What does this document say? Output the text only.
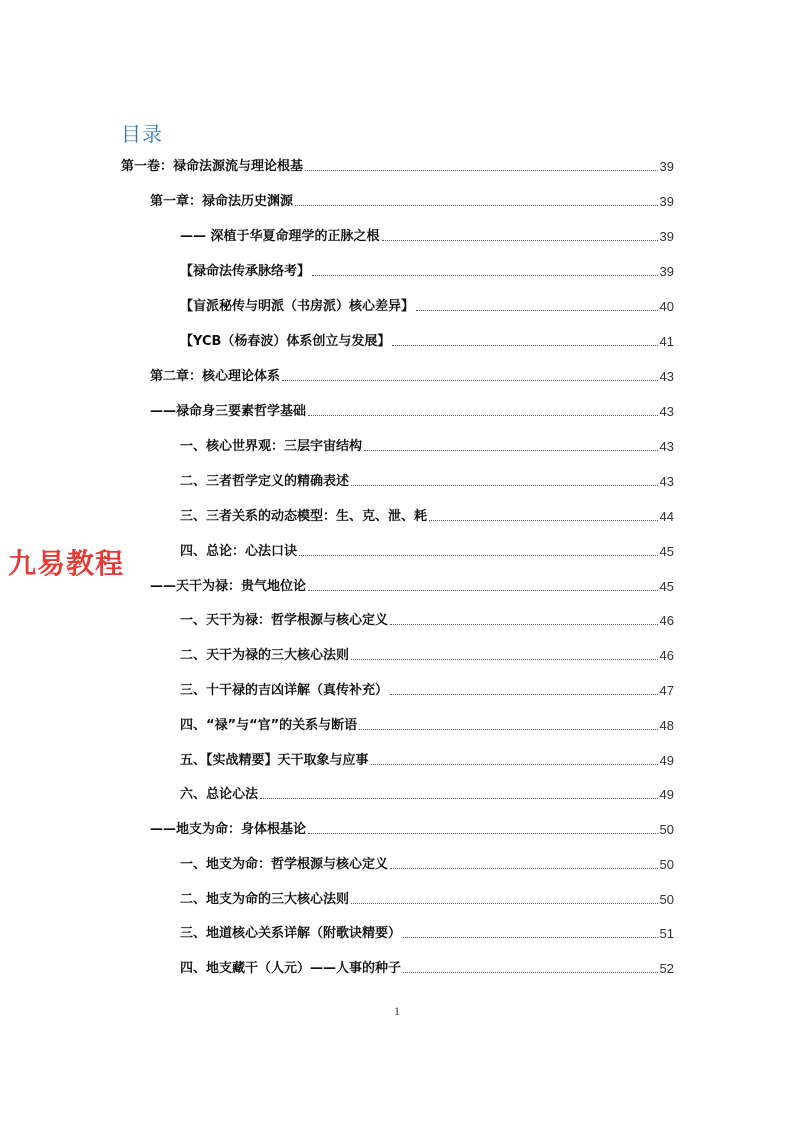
目录
第一卷：禄命法源流与理论根基	39
第一章：禄命法历史渊源	39
—— 深植于华夏命理学的正脉之根	39
【禄命法传承脉络考】	39
【盲派秘传与明派（书房派）核心差异】	40
【YCB（杨春波）体系创立与发展】	41
第二章：核心理论体系	43
——禄命身三要素哲学基础	43
一、核心世界观：三层宇宙结构	43
二、三者哲学定义的精确表述	43
三、三者关系的动态模型：生、克、泄、耗	44
四、总论：心法口诀	45
——天干为禄：贵气地位论	45
一、天干为禄：哲学根源与核心定义	46
二、天干为禄的三大核心法则	46
三、十干禄的吉凶详解（真传补充）	47
四、“禄”与“官”的关系与断语	48
五、【实战精要】天干取象与应事	49
六、总论心法	49
——地支为命：身体根基论	50
一、地支为命：哲学根源与核心定义	50
二、地支为命的三大核心法则	50
三、地道核心关系详解（附歌诀精要）	51
四、地支藏干（人元）——人事的种子	52
九易教程
1
